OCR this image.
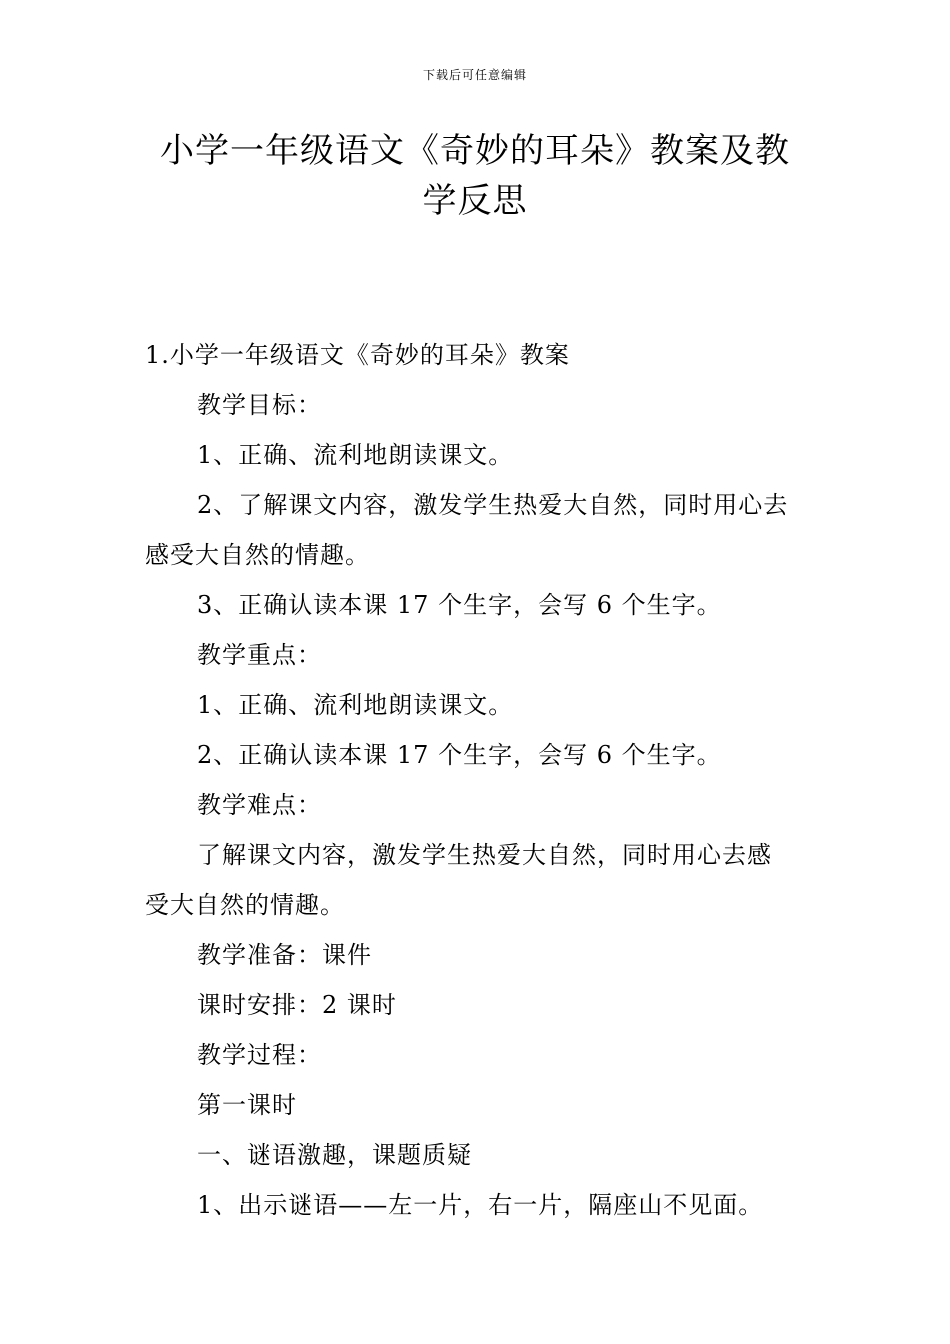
下载后可任意编辑
小学一年级语文《奇妙的耳朵》教案及教
学反思
1.小学一年级语文《奇妙的耳朵》教案
教学目标：
1、正确、流利地朗读课文。
2、了解课文内容，激发学生热爱大自然，同时用心去
感受大自然的情趣。
3、正确认读本课 17 个生字，会写 6 个生字。
教学重点：
1、正确、流利地朗读课文。
2、正确认读本课 17 个生字，会写 6 个生字。
教学难点：
了解课文内容，激发学生热爱大自然，同时用心去感
受大自然的情趣。
教学准备：课件
课时安排：2 课时
教学过程：
第一课时
一、谜语激趣，课题质疑
1、出示谜语——左一片，右一片，隔座山不见面。
